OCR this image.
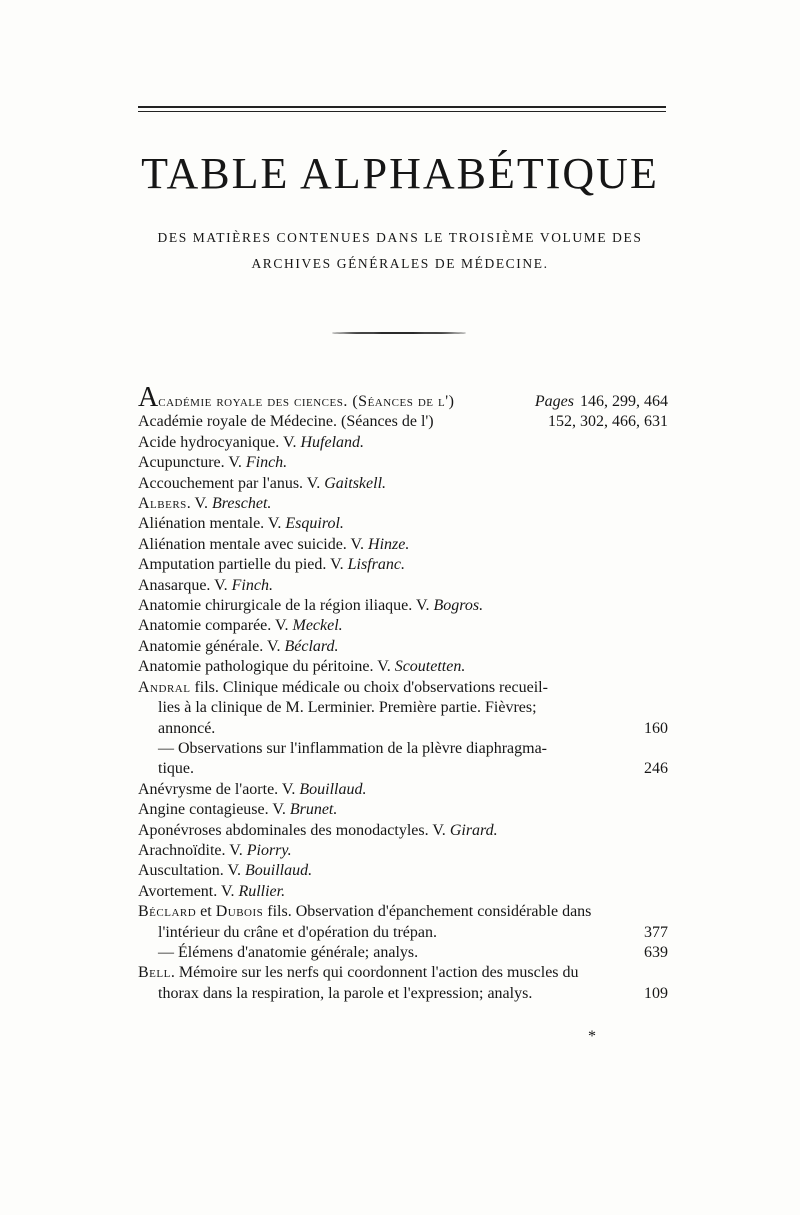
TABLE ALPHABÉTIQUE

DES MATIÈRES CONTENUES DANS LE TROISIÈME VOLUME DES

ARCHIVES GÉNÉRALES DE MÉDECINE.

Académie royale des ciences. (Séances de l')	Pages 146, 299, 464
Académie royale de Médecine. (Séances de l')	152, 302, 466, 631
Acide hydrocyanique. V. Hufeland.
Acupuncture. V. Finch.
Accouchement par l'anus. V. Gaitskell.
Albers. V. Breschet.
Aliénation mentale. V. Esquirol.
Aliénation mentale avec suicide. V. Hinze.
Amputation partielle du pied. V. Lisfranc.
Anasarque. V. Finch.
Anatomie chirurgicale de la région iliaque. V. Bogros.
Anatomie comparée. V. Meckel.
Anatomie générale. V. Béclard.
Anatomie pathologique du péritoine. V. Scoutetten.
Andral fils. Clinique médicale ou choix d'observations recueil-
lies à la clinique de M. Lerminier. Première partie. Fièvres;
annoncé.	160
— Observations sur l'inflammation de la plèvre diaphragma-
tique.	246
Anévrysme de l'aorte. V. Bouillaud.
Angine contagieuse. V. Brunet.
Aponévroses abdominales des monodactyles. V. Girard.
Arachnoïdite. V. Piorry.
Auscultation. V. Bouillaud.
Avortement. V. Rullier.
Béclard et Dubois fils. Observation d'épanchement considérable dans
l'intérieur du crâne et d'opération du trépan.	377
— Élémens d'anatomie générale; analys.	639
Bell. Mémoire sur les nerfs qui coordonnent l'action des muscles du
thorax dans la respiration, la parole et l'expression; analys.	109
*
